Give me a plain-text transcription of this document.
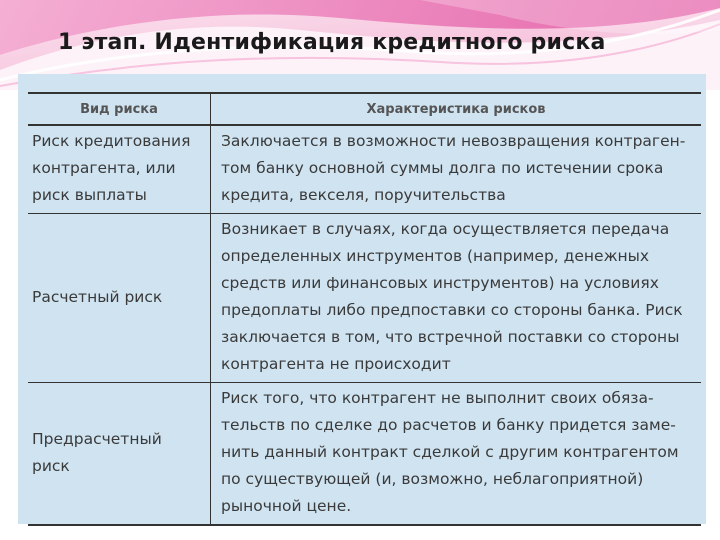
1 этап. Идентификация кредитного риска
Вид риска	Характеристика рисков
Риск кредитования контрагента, или риск выплаты	Заключается в возможности невозвращения контрагентом банку основной суммы долга по истечении срока кредита, векселя, поручительства
Расчетный риск	Возникает в случаях, когда осуществляется передача определенных инструментов (например, денежных средств или финансовых инструментов) на условиях предоплаты либо предпоставки со стороны банка. Риск заключается в том, что встречной поставки со стороны контрагента не происходит
Предрасчетный риск	Риск того, что контрагент не выполнит своих обязательств по сделке до расчетов и банку придется заменить данный контракт сделкой с другим контрагентом по существующей (и, возможно, неблагоприятной) рыночной цене.
